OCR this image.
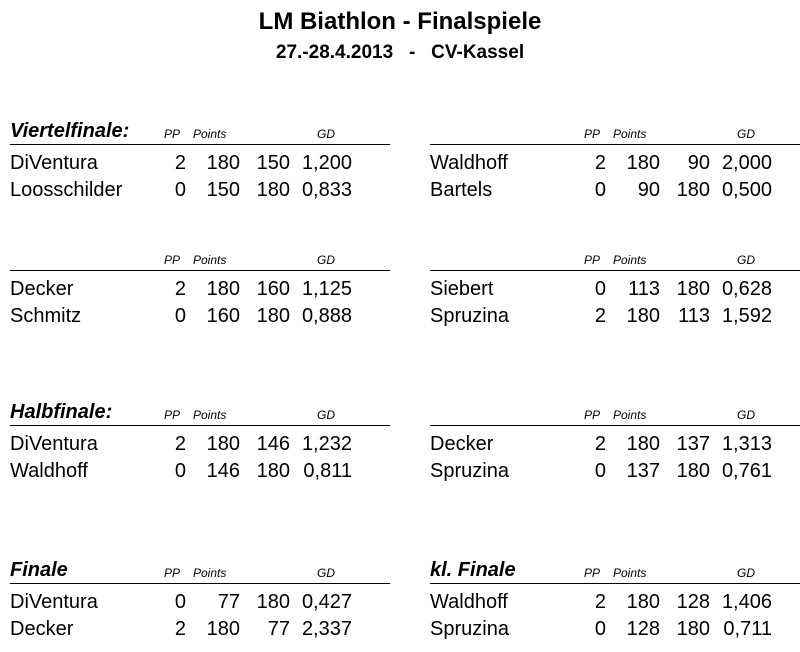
LM Biathlon - Finalspiele
27.-28.4.2013   -   CV-Kassel
Viertelfinale:	PP Points	GD
DiVentura	2	180 150 1,200
Loosschilder	0	150 180 0,833
PP Points	GD
Waldhoff	2	180	90 2,000
Bartels	0	90 180 0,500
PP Points	GD
Decker	2	180 160 1,125
Schmitz	0	160 180 0,888
PP Points	GD
Siebert	0	113 180 0,628
Spruzina	2	180 113 1,592
Halbfinale:	PP Points	GD
DiVentura	2	180 146 1,232
Waldhoff	0	146 180 0,811
PP Points	GD
Decker	2	180 137 1,313
Spruzina	0	137 180 0,761
Finale	PP Points	GD
DiVentura	0	77 180 0,427
Decker	2	180	77 2,337
kl. Finale	PP Points	GD
Waldhoff	2	180 128 1,406
Spruzina	0	128 180 0,711
